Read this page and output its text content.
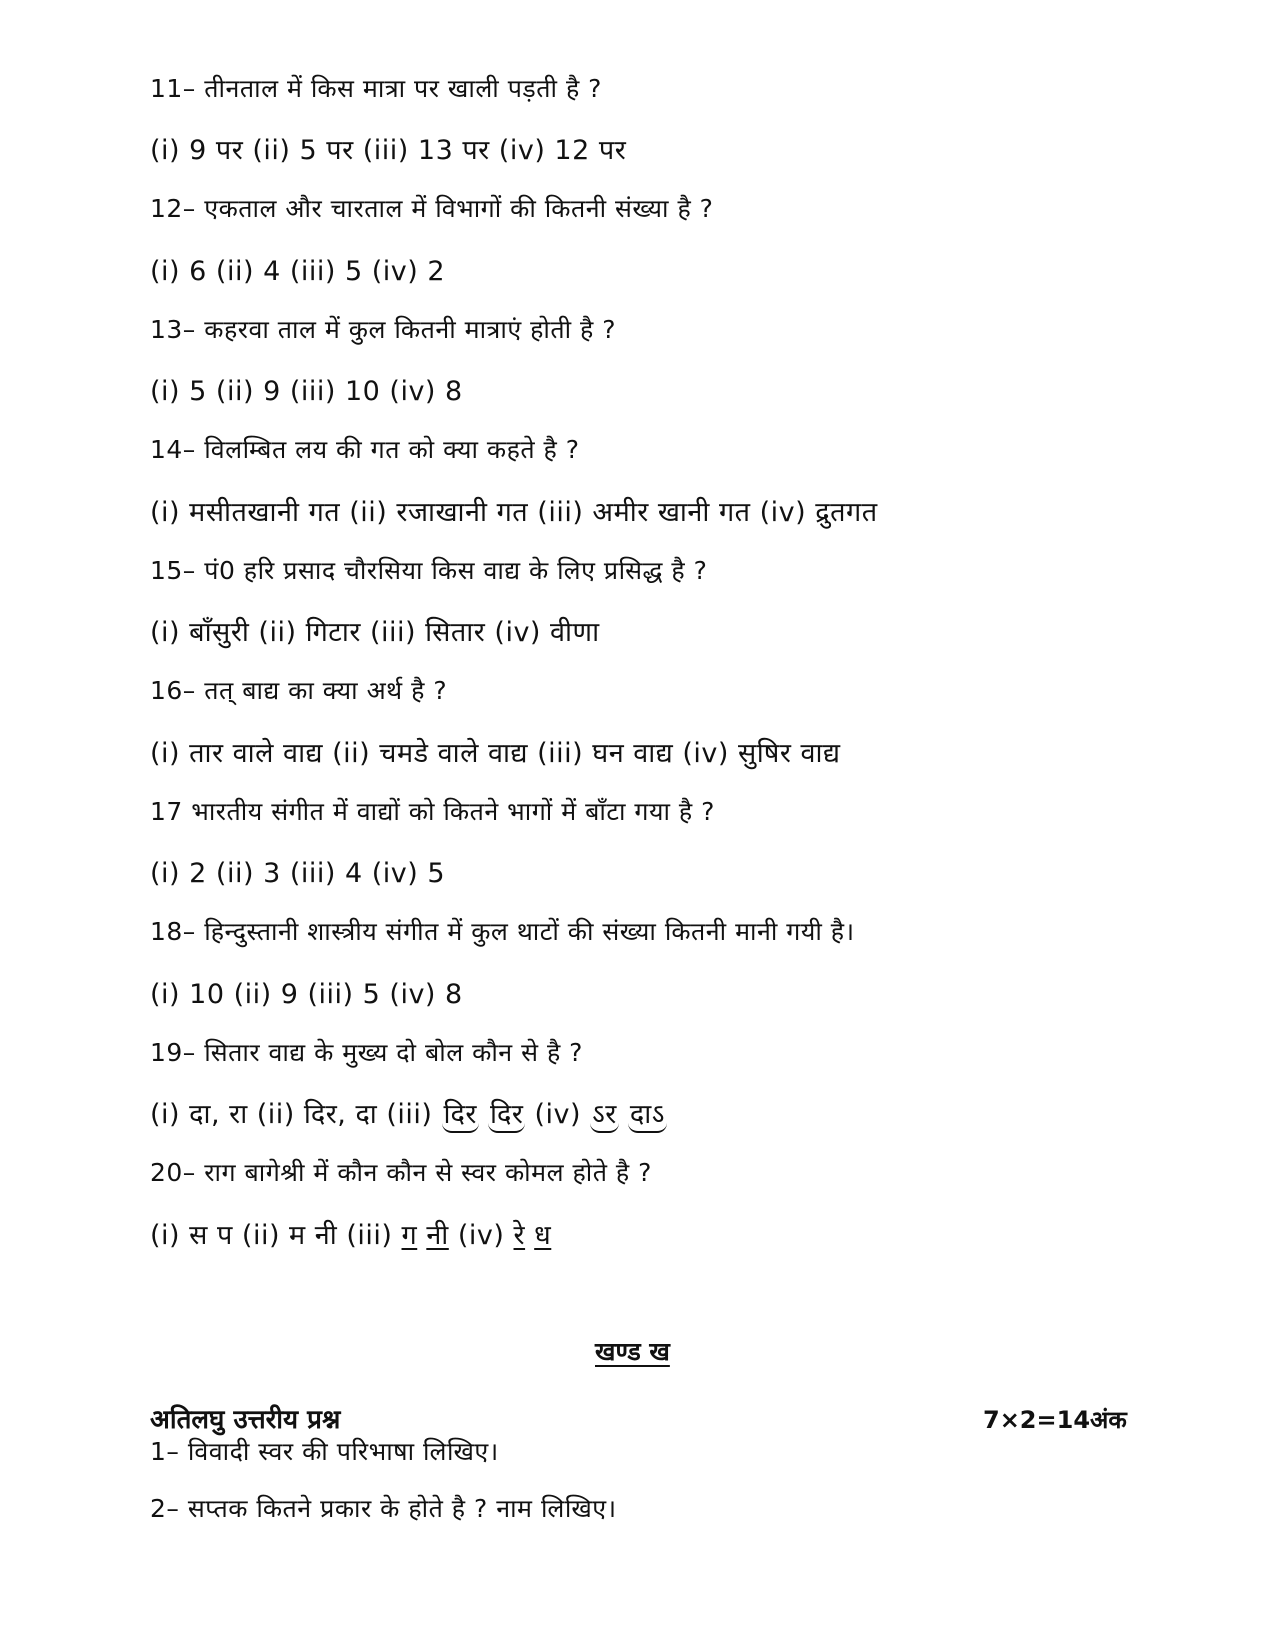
11– तीनताल में किस मात्रा पर खाली पड़ती है ?
(i) 9 पर (ii) 5 पर (iii) 13 पर (iv) 12 पर
12– एकताल और चारताल में विभागों की कितनी संख्या है ?
(i) 6 (ii) 4 (iii) 5 (iv) 2
13– कहरवा ताल में कुल कितनी मात्राएं होती है ?
(i) 5 (ii) 9 (iii) 10 (iv) 8
14– विलम्बित लय की गत को क्या कहते है ?
(i) मसीतखानी गत (ii) रजाखानी गत (iii) अमीर खानी गत (iv) द्रुतगत
15– पं0 हरि प्रसाद चौरसिया किस वाद्य के लिए प्रसिद्ध है ?
(i) बाँसुरी (ii) गिटार (iii) सितार (iv) वीणा
16– तत् बाद्य का क्या अर्थ है ?
(i) तार वाले वाद्य (ii) चमडे वाले वाद्य (iii) घन वाद्य (iv) सुषिर वाद्य
17 भारतीय संगीत में वाद्यों को कितने भागों में बाँटा गया है ?
(i) 2 (ii) 3 (iii) 4 (iv) 5
18– हिन्दुस्तानी शास्त्रीय संगीत में कुल थाटों की संख्या कितनी मानी गयी है।
(i) 10 (ii) 9 (iii) 5 (iv) 8
19– सितार वाद्य के मुख्य दो बोल कौन से है ?
(i) दा, रा (ii) दिर, दा (iii) दिर दिर (iv) ऽर दाऽ
20– राग बागेश्री में कौन कौन से स्वर कोमल होते है ?
(i) स प (ii) म नी (iii) ग नी (iv) रे ध
खण्ड ख
अतिलघु उत्तरीय प्रश्न	7×2=14अंक
1– विवादी स्वर की परिभाषा लिखिए।
2– सप्तक कितने प्रकार के होते है ? नाम लिखिए।
